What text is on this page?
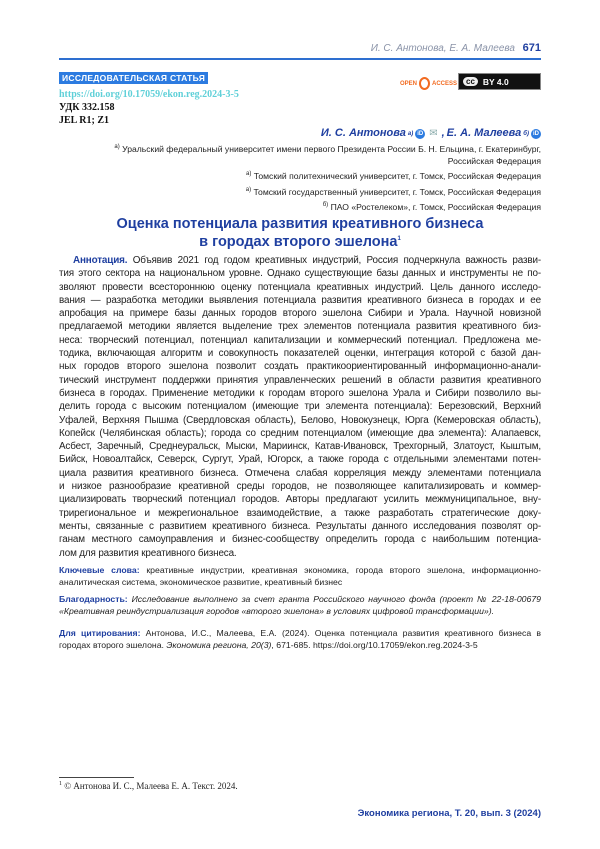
И. С. Антонова, Е. А. Малеева 671
ИССЛЕДОВАТЕЛЬСКАЯ СТАТЬЯ
https://doi.org/10.17059/ekon.reg.2024-3-5
УДК 332.158
JEL R1; Z1
OPEN	ACCESS	cc BY 4.0
И. С. Антонова а) iD ✉ , Е. А. Малеева б) iD
а) Уральский федеральный университет имени первого Президента России Б. Н. Ельцина, г. Екатеринбург,
Российская Федерация
а) Томский политехнический университет, г. Томск, Российская Федерация
а) Томский государственный университет, г. Томск, Российская Федерация
б) ПАО «Ростелеком», г. Томск, Российская Федерация
Оценка потенциала развития креативного бизнеса
в городах второго эшелона1
Аннотация. Объявив 2021 год годом креативных индустрий, Россия подчеркнула важность разви-
тия этого сектора на национальном уровне. Однако существующие базы данных и инструменты не по-
зволяют провести всестороннюю оценку потенциала креативных индустрий. Цель данного исследо-
вания — разработка методики выявления потенциала развития креативного бизнеса в городах и ее
апробация на примере базы данных городов второго эшелона Сибири и Урала. Научной новизной
предлагаемой методики является выделение трех элементов потенциала развития креативного биз-
неса: творческий потенциал, потенциал капитализации и коммерческий потенциал. Предложена ме-
тодика, включающая алгоритм и совокупность показателей оценки, интеграция которой с базой дан-
ных городов второго эшелона позволит создать практикоориентированный информационно-анали-
тический инструмент поддержки принятия управленческих решений в области развития креативного
бизнеса в городах. Применение методики к городам второго эшелона Урала и Сибири позволило вы-
делить города с высоким потенциалом (имеющие три элемента потенциала): Березовский, Верхний
Уфалей, Верхняя Пышма (Свердловская область), Белово, Новокузнецк, Юрга (Кемеровская область),
Копейск (Челябинская область); города со средним потенциалом (имеющие два элемента): Алапаевск,
Асбест, Заречный, Среднеуральск, Мыски, Мариинск, Катав-Ивановск, Трехгорный, Златоуст, Кыштым,
Бийск, Новоалтайск, Северск, Сургут, Урай, Югорск, а также города с отдельными элементами потен-
циала развития креативного бизнеса. Отмечена слабая корреляция между элементами потенциала
и низкое разнообразие креативной среды городов, не позволяющее капитализировать и коммер-
циализировать творческий потенциал городов. Авторы предлагают усилить межмуниципальное, вну-
трирегиональное и межрегиональное взаимодействие, а также разработать стратегические доку-
менты, связанные с развитием креативного бизнеса. Результаты данного исследования позволят ор-
ганам местного самоуправления и бизнес-сообществу определить города с наибольшим потенциа-
лом для развития креативного бизнеса.
Ключевые слова: креативные индустрии, креативная экономика, города второго эшелона, информационно-аналитическая система, экономическое развитие, креативный бизнес
Благодарность: Исследование выполнено за счет гранта Российского научного фонда (проект № 22-18-00679 «Креативная реиндустриализация городов «второго эшелона» в условиях цифровой трансформации»).
Для цитирования: Антонова, И.С., Малеева, Е.А. (2024). Оценка потенциала развития креативного бизнеса в городах второго эшелона. Экономика региона, 20(3), 671-685. https://doi.org/10.17059/ekon.reg.2024-3-5
1 © Антонова И. С., Малеева Е. А. Текст. 2024.
Экономика региона, Т. 20, вып. 3 (2024)
